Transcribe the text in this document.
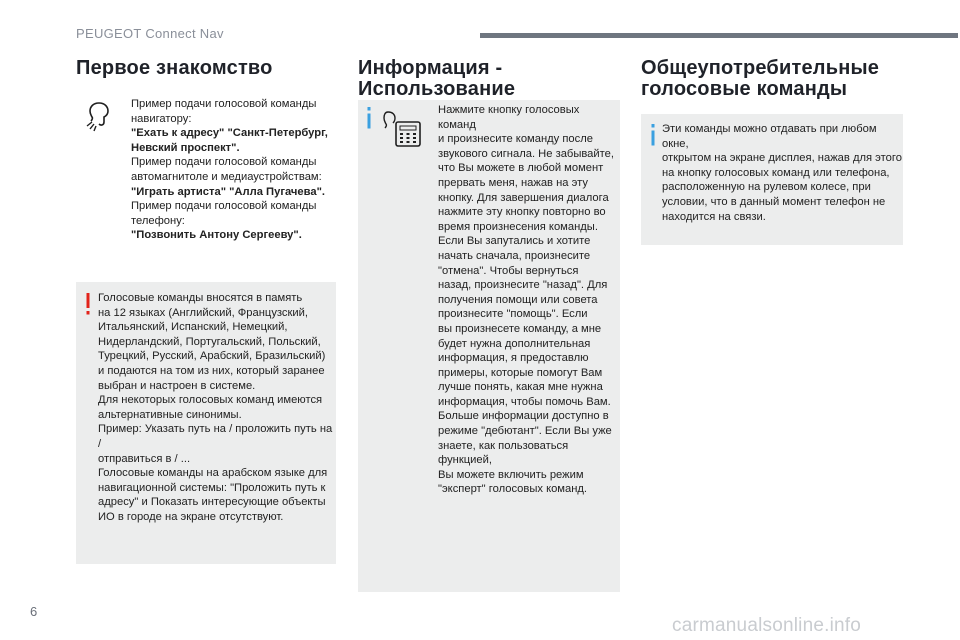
PEUGEOT Connect Nav
Первое знакомство
Пример подачи голосовой команды
навигатору:
"Ехать к адресу" "Санкт-Петербург,
Невский проспект".
Пример подачи голосовой команды
автомагнитоле и медиаустройствам:
"Играть артиста" "Алла Пугачева".
Пример подачи голосовой команды
телефону:
"Позвонить Антону Сергееву".
Голосовые команды вносятся в память
на 12 языках (Английский, Французский,
Итальянский, Испанский, Немецкий,
Нидерландский, Португальский, Польский,
Турецкий, Русский, Арабский, Бразильский)
и подаются на том из них, который заранее
выбран и настроен в системе.
Для некоторых голосовых команд имеются
альтернативные синонимы.
Пример: Указать путь на / проложить путь на /
отправиться в / ...
Голосовые команды на арабском языке для
навигационной системы: "Проложить путь к
адресу" и Показать интересующие объекты
ИО в городе на экране отсутствуют.
Информация -
Использование
Нажмите кнопку голосовых команд
и произнесите команду после
звукового сигнала. Не забывайте,
что Вы можете в любой момент
прервать меня, нажав на эту
кнопку. Для завершения диалога
нажмите эту кнопку повторно во
время произнесения команды.
Если Вы запутались и хотите
начать сначала, произнесите
"отмена". Чтобы вернуться
назад, произнесите "назад". Для
получения помощи или совета
произнесите "помощь". Если
вы произнесете команду, а мне
будет нужна дополнительная
информация, я предоставлю
примеры, которые помогут Вам
лучше понять, какая мне нужна
информация, чтобы помочь Вам.
Больше информации доступно в
режиме "дебютант". Если Вы уже
знаете, как пользоваться функцией,
Вы можете включить режим
"эксперт" голосовых команд.
Общеупотребительные
голосовые команды
Эти команды можно отдавать при любом окне,
открытом на экране дисплея, нажав для этого
на кнопку голосовых команд или телефона,
расположенную на рулевом колесе, при
условии, что в данный момент телефон не
находится на связи.
6
carmanualsonline.info
